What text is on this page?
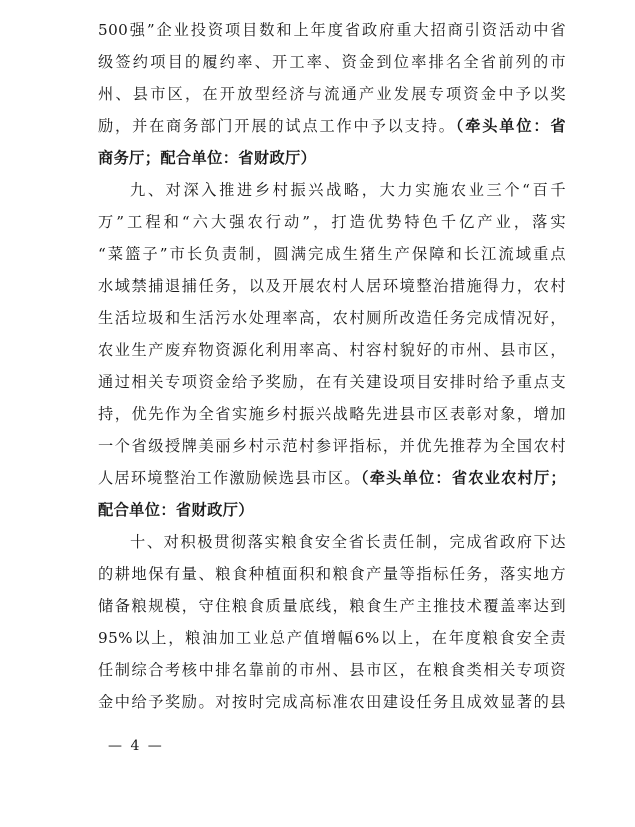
500强”企业投资项目数和上年度省政府重大招商引资活动中省
级签约项目的履约率、开工率、资金到位率排名全省前列的市
州、县市区，在开放型经济与流通产业发展专项资金中予以奖
励，并在商务部门开展的试点工作中予以支持。（牵头单位：省
商务厅；配合单位：省财政厅）
九、对深入推进乡村振兴战略，大力实施农业三个“百千
万”工程和“六大强农行动”，打造优势特色千亿产业，落实
“菜篮子”市长负责制，圆满完成生猪生产保障和长江流域重点
水域禁捕退捕任务，以及开展农村人居环境整治措施得力，农村
生活垃圾和生活污水处理率高，农村厕所改造任务完成情况好，
农业生产废弃物资源化利用率高、村容村貌好的市州、县市区，
通过相关专项资金给予奖励，在有关建设项目安排时给予重点支
持，优先作为全省实施乡村振兴战略先进县市区表彰对象，增加
一个省级授牌美丽乡村示范村参评指标，并优先推荐为全国农村
人居环境整治工作激励候选县市区。（牵头单位：省农业农村厅；
配合单位：省财政厅）
十、对积极贯彻落实粮食安全省长责任制，完成省政府下达
的耕地保有量、粮食种植面积和粮食产量等指标任务，落实地方
储备粮规模，守住粮食质量底线，粮食生产主推技术覆盖率达到
95%以上，粮油加工业总产值增幅6%以上，在年度粮食安全责
任制综合考核中排名靠前的市州、县市区，在粮食类相关专项资
金中给予奖励。对按时完成高标准农田建设任务且成效显著的县
— 4 —
